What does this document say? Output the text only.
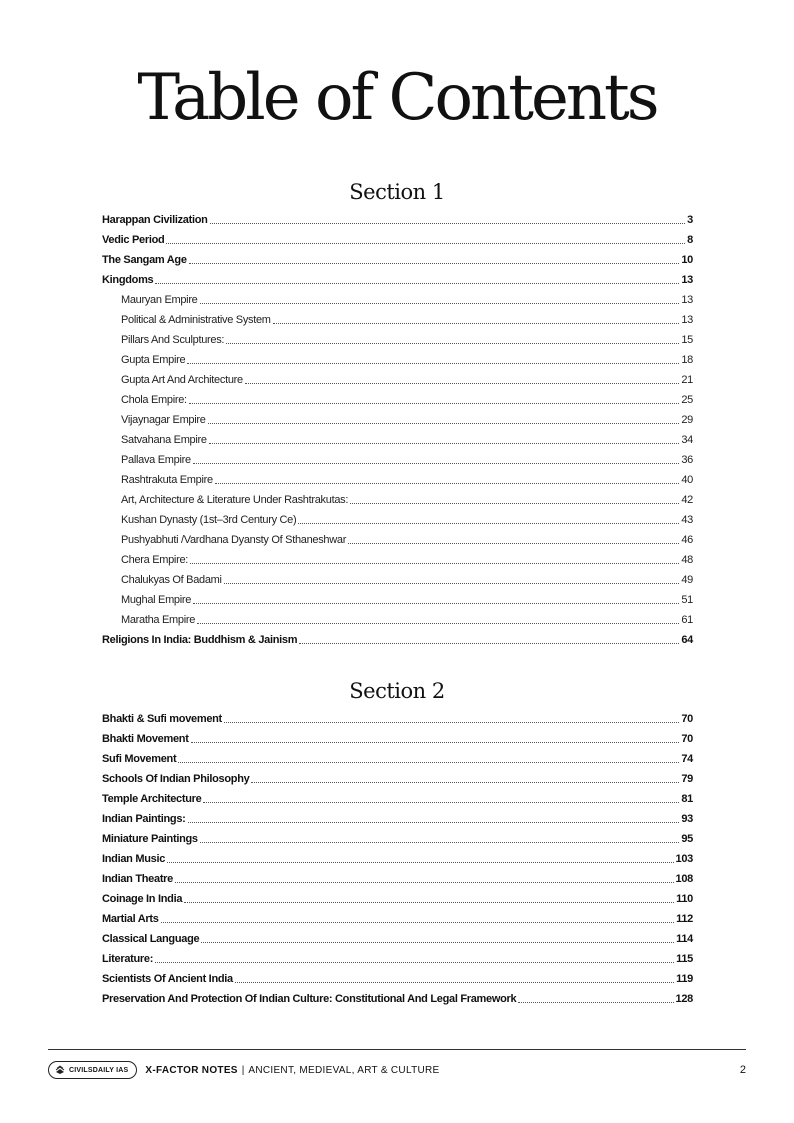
Table of Contents
Section 1
Harappan Civilization	3
Vedic Period	8
The Sangam Age	10
Kingdoms	13
Mauryan Empire	13
Political & Administrative System	13
Pillars And Sculptures:	15
Gupta Empire	18
Gupta Art And Architecture	21
Chola Empire:	25
Vijaynagar Empire	29
Satvahana Empire	34
Pallava Empire	36
Rashtrakuta Empire	40
Art, Architecture & Literature Under Rashtrakutas:	42
Kushan Dynasty (1st–3rd Century Ce)	43
Pushyabhuti /Vardhana Dyansty Of Sthaneshwar	46
Chera Empire:	48
Chalukyas Of Badami	49
Mughal Empire	51
Maratha Empire	61
Religions In India: Buddhism & Jainism	64
Section 2
Bhakti & Sufi movement	70
Bhakti Movement	70
Sufi Movement	74
Schools Of Indian Philosophy	79
Temple Architecture	81
Indian Paintings:	93
Miniature Paintings	95
Indian Music	103
Indian Theatre	108
Coinage In India	110
Martial Arts	112
Classical Language	114
Literature:	115
Scientists Of Ancient India	119
Preservation And Protection Of Indian Culture: Constitutional And Legal Framework	128
CIVILSDAILY IAS X-FACTOR NOTES | ANCIENT, MEDIEVAL, ART & CULTURE	2
